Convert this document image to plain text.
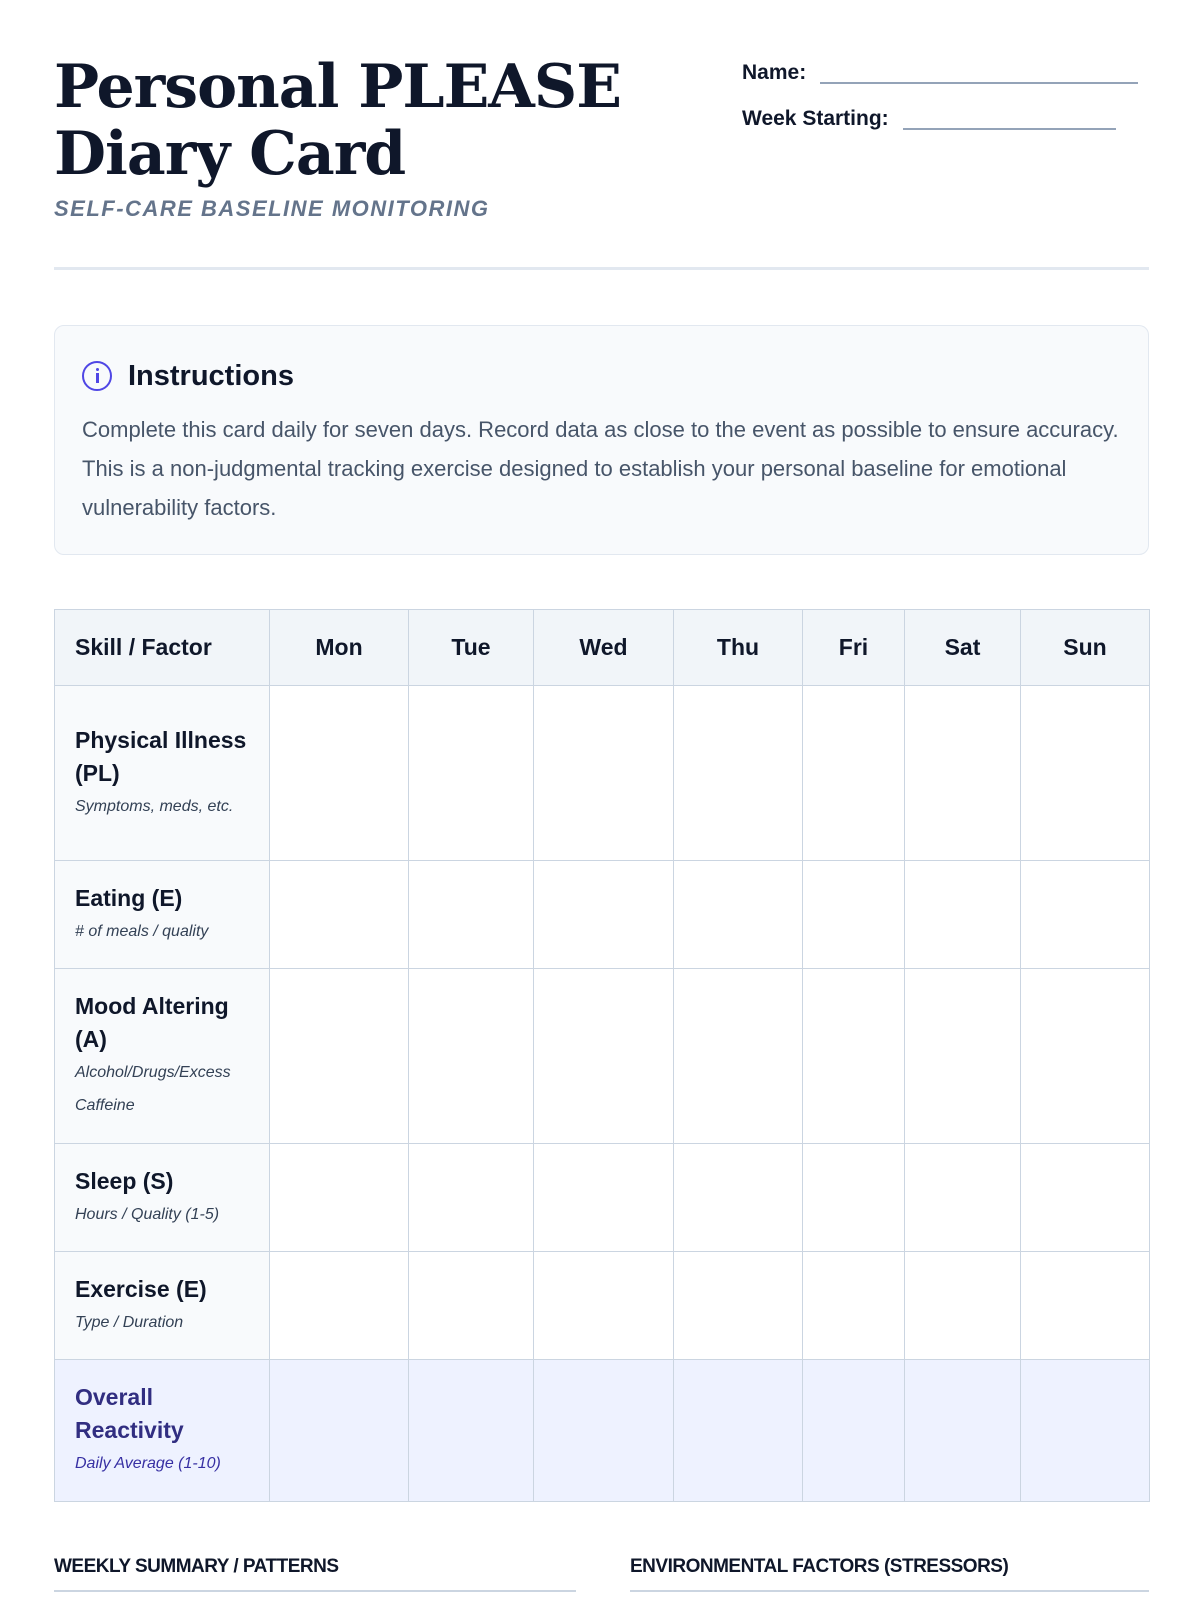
Personal PLEASE Diary Card
SELF-CARE BASELINE MONITORING
Name:
Week Starting:
Instructions

Complete this card daily for seven days. Record data as close to the event as possible to ensure accuracy. This is a non-judgmental tracking exercise designed to establish your personal baseline for emotional vulnerability factors.

Skill / Factor	Mon	Tue	Wed	Thu	Fri	Sat	Sun

Physical Illness (PL)
Symptoms, meds, etc.							

Eating (E)
# of meals / quality							

Mood Altering (A)
Alcohol/Drugs/Excess Caffeine							

Sleep (S)
Hours / Quality (1-5)							

Exercise (E)
Type / Duration							

Overall Reactivity
Daily Average (1-10)							

WEEKLY SUMMARY / PATTERNS	ENVIRONMENTAL FACTORS (STRESSORS)
